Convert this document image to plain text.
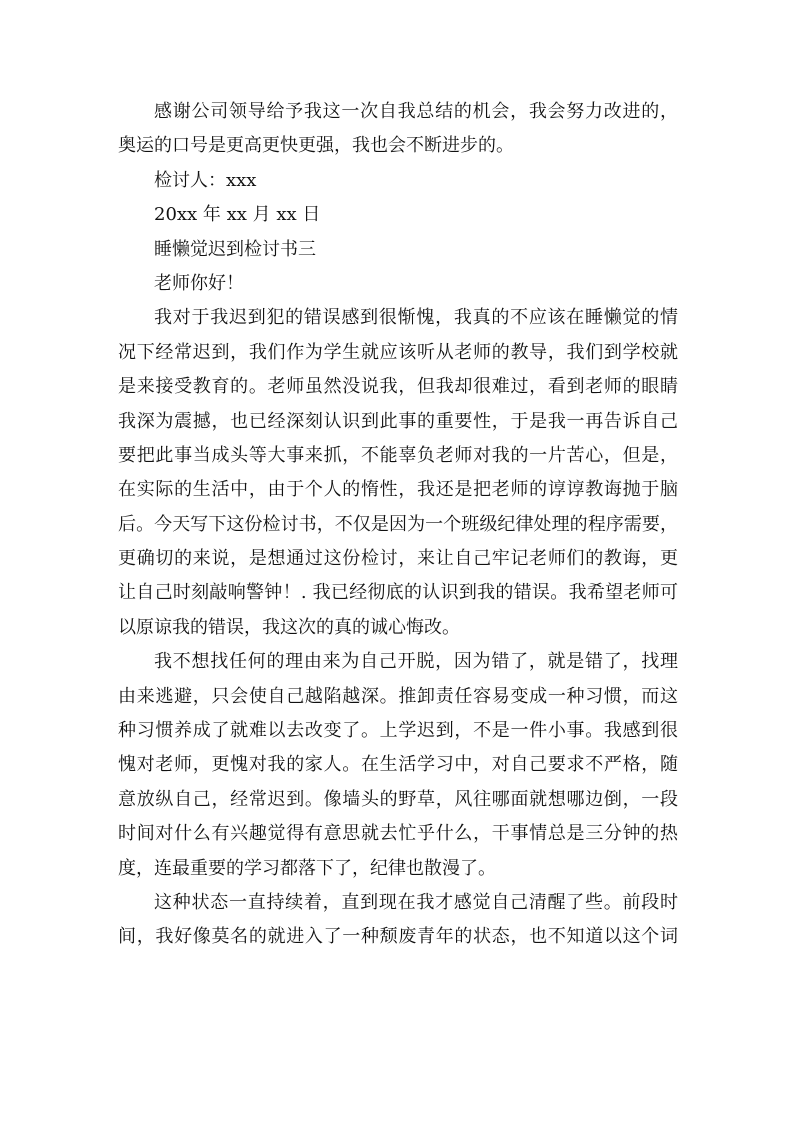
感谢公司领导给予我这一次自我总结的机会，我会努力改进的，
奥运的口号是更高更快更强，我也会不断进步的。
检讨人：xxx
20xx 年 xx 月 xx 日
睡懒觉迟到检讨书三
老师你好！
我对于我迟到犯的错误感到很惭愧，我真的不应该在睡懒觉的情
况下经常迟到，我们作为学生就应该听从老师的教导，我们到学校就
是来接受教育的。老师虽然没说我，但我却很难过，看到老师的眼睛
我深为震撼，也已经深刻认识到此事的重要性，于是我一再告诉自己
要把此事当成头等大事来抓，不能辜负老师对我的一片苦心，但是，
在实际的生活中，由于个人的惰性，我还是把老师的谆谆教诲抛于脑
后。今天写下这份检讨书，不仅是因为一个班级纪律处理的程序需要，
更确切的来说，是想通过这份检讨，来让自己牢记老师们的教诲，更
让自己时刻敲响警钟！. 我已经彻底的认识到我的错误。我希望老师可
以原谅我的错误，我这次的真的诚心悔改。
我不想找任何的理由来为自己开脱，因为错了，就是错了，找理
由来逃避，只会使自己越陷越深。推卸责任容易变成一种习惯，而这
种习惯养成了就难以去改变了。上学迟到，不是一件小事。我感到很
愧对老师，更愧对我的家人。在生活学习中，对自己要求不严格，随
意放纵自己，经常迟到。像墙头的野草，风往哪面就想哪边倒，一段
时间对什么有兴趣觉得有意思就去忙乎什么，干事情总是三分钟的热
度，连最重要的学习都落下了，纪律也散漫了。
这种状态一直持续着，直到现在我才感觉自己清醒了些。前段时
间，我好像莫名的就进入了一种颓废青年的状态，也不知道以这个词
